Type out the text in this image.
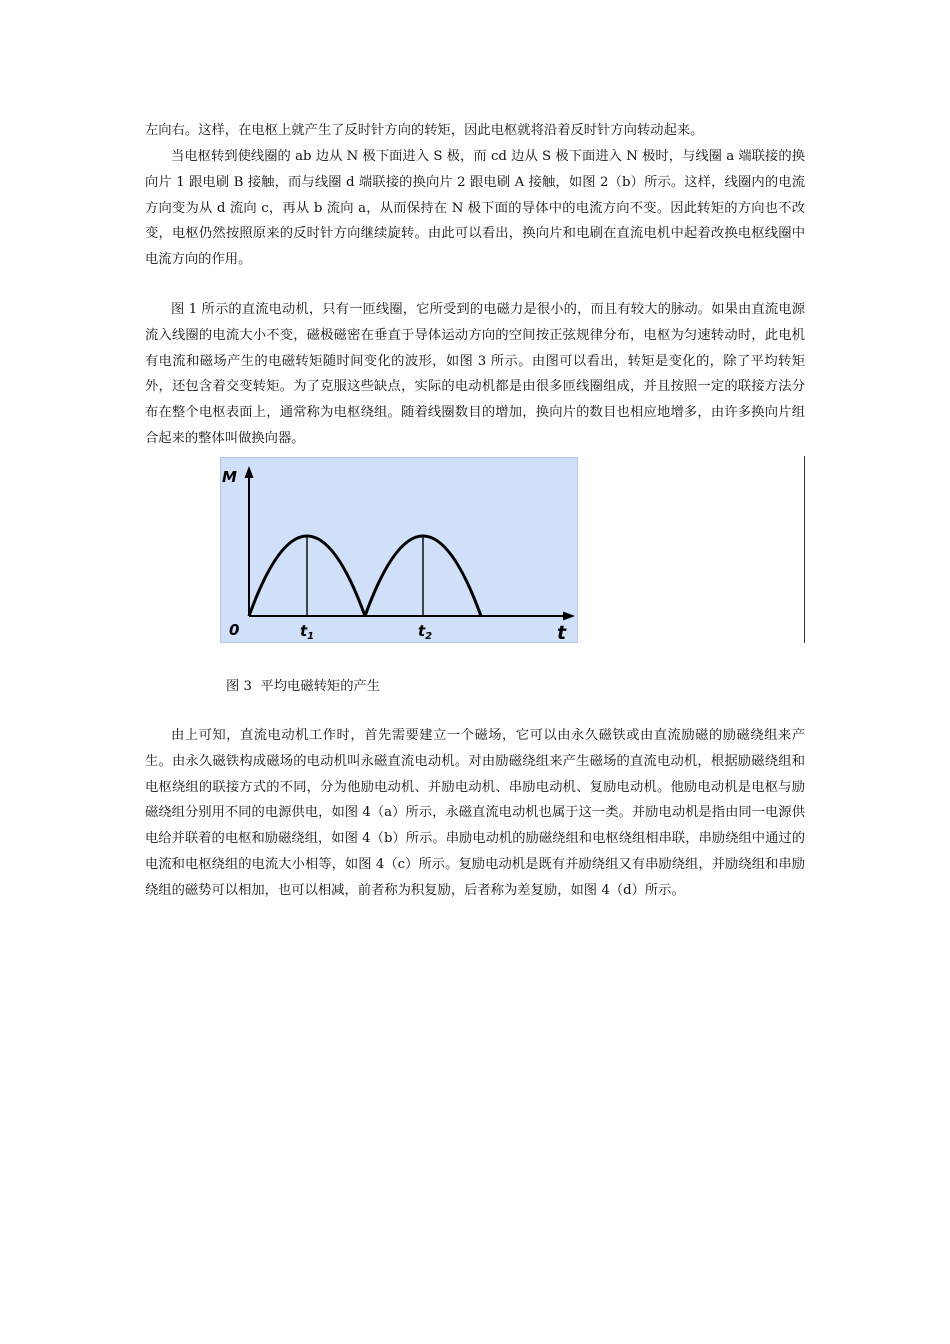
左向右。这样，在电枢上就产生了反时针方向的转矩，因此电枢就将沿着反时针方向转动起来。

当电枢转到使线圈的 ab 边从 N 极下面进入 S 极，而 cd 边从 S 极下面进入 N 极时，与线圈 a 端联接的换向片 1 跟电刷 B 接触，而与线圈 d 端联接的换向片 2 跟电刷 A 接触，如图 2（b）所示。这样，线圈内的电流方向变为从 d 流向 c，再从 b 流向 a，从而保持在 N 极下面的导体中的电流方向不变。因此转矩的方向也不改变，电枢仍然按照原来的反时针方向继续旋转。由此可以看出，换向片和电刷在直流电机中起着改换电枢线圈中电流方向的作用。

图 1 所示的直流电动机，只有一匝线圈，它所受到的电磁力是很小的，而且有较大的脉动。如果由直流电源流入线圈的电流大小不变，磁极磁密在垂直于导体运动方向的空间按正弦规律分布，电枢为匀速转动时，此电机有电流和磁场产生的电磁转矩随时间变化的波形，如图 3 所示。由图可以看出，转矩是变化的，除了平均转矩外，还包含着交变转矩。为了克服这些缺点，实际的电动机都是由很多匝线圈组成，并且按照一定的联接方法分布在整个电枢表面上，通常称为电枢绕组。随着线圈数目的增加，换向片的数目也相应地增多，由许多换向片组合起来的整体叫做换向器。

M
t
0	$t_1$	$t_2$
图 3  平均电磁转矩的产生

由上可知，直流电动机工作时，首先需要建立一个磁场，它可以由永久磁铁或由直流励磁的励磁绕组来产生。由永久磁铁构成磁场的电动机叫永磁直流电动机。对由励磁绕组来产生磁场的直流电动机，根据励磁绕组和电枢绕组的联接方式的不同，分为他励电动机、并励电动机、串励电动机、复励电动机。他励电动机是电枢与励磁绕组分别用不同的电源供电，如图 4（a）所示，永磁直流电动机也属于这一类。并励电动机是指由同一电源供电给并联着的电枢和励磁绕组，如图 4（b）所示。串励电动机的励磁绕组和电枢绕组相串联，串励绕组中通过的电流和电枢绕组的电流大小相等，如图 4（c）所示。复励电动机是既有并励绕组又有串励绕组，并励绕组和串励绕组的磁势可以相加，也可以相减，前者称为积复励，后者称为差复励，如图 4（d）所示。
